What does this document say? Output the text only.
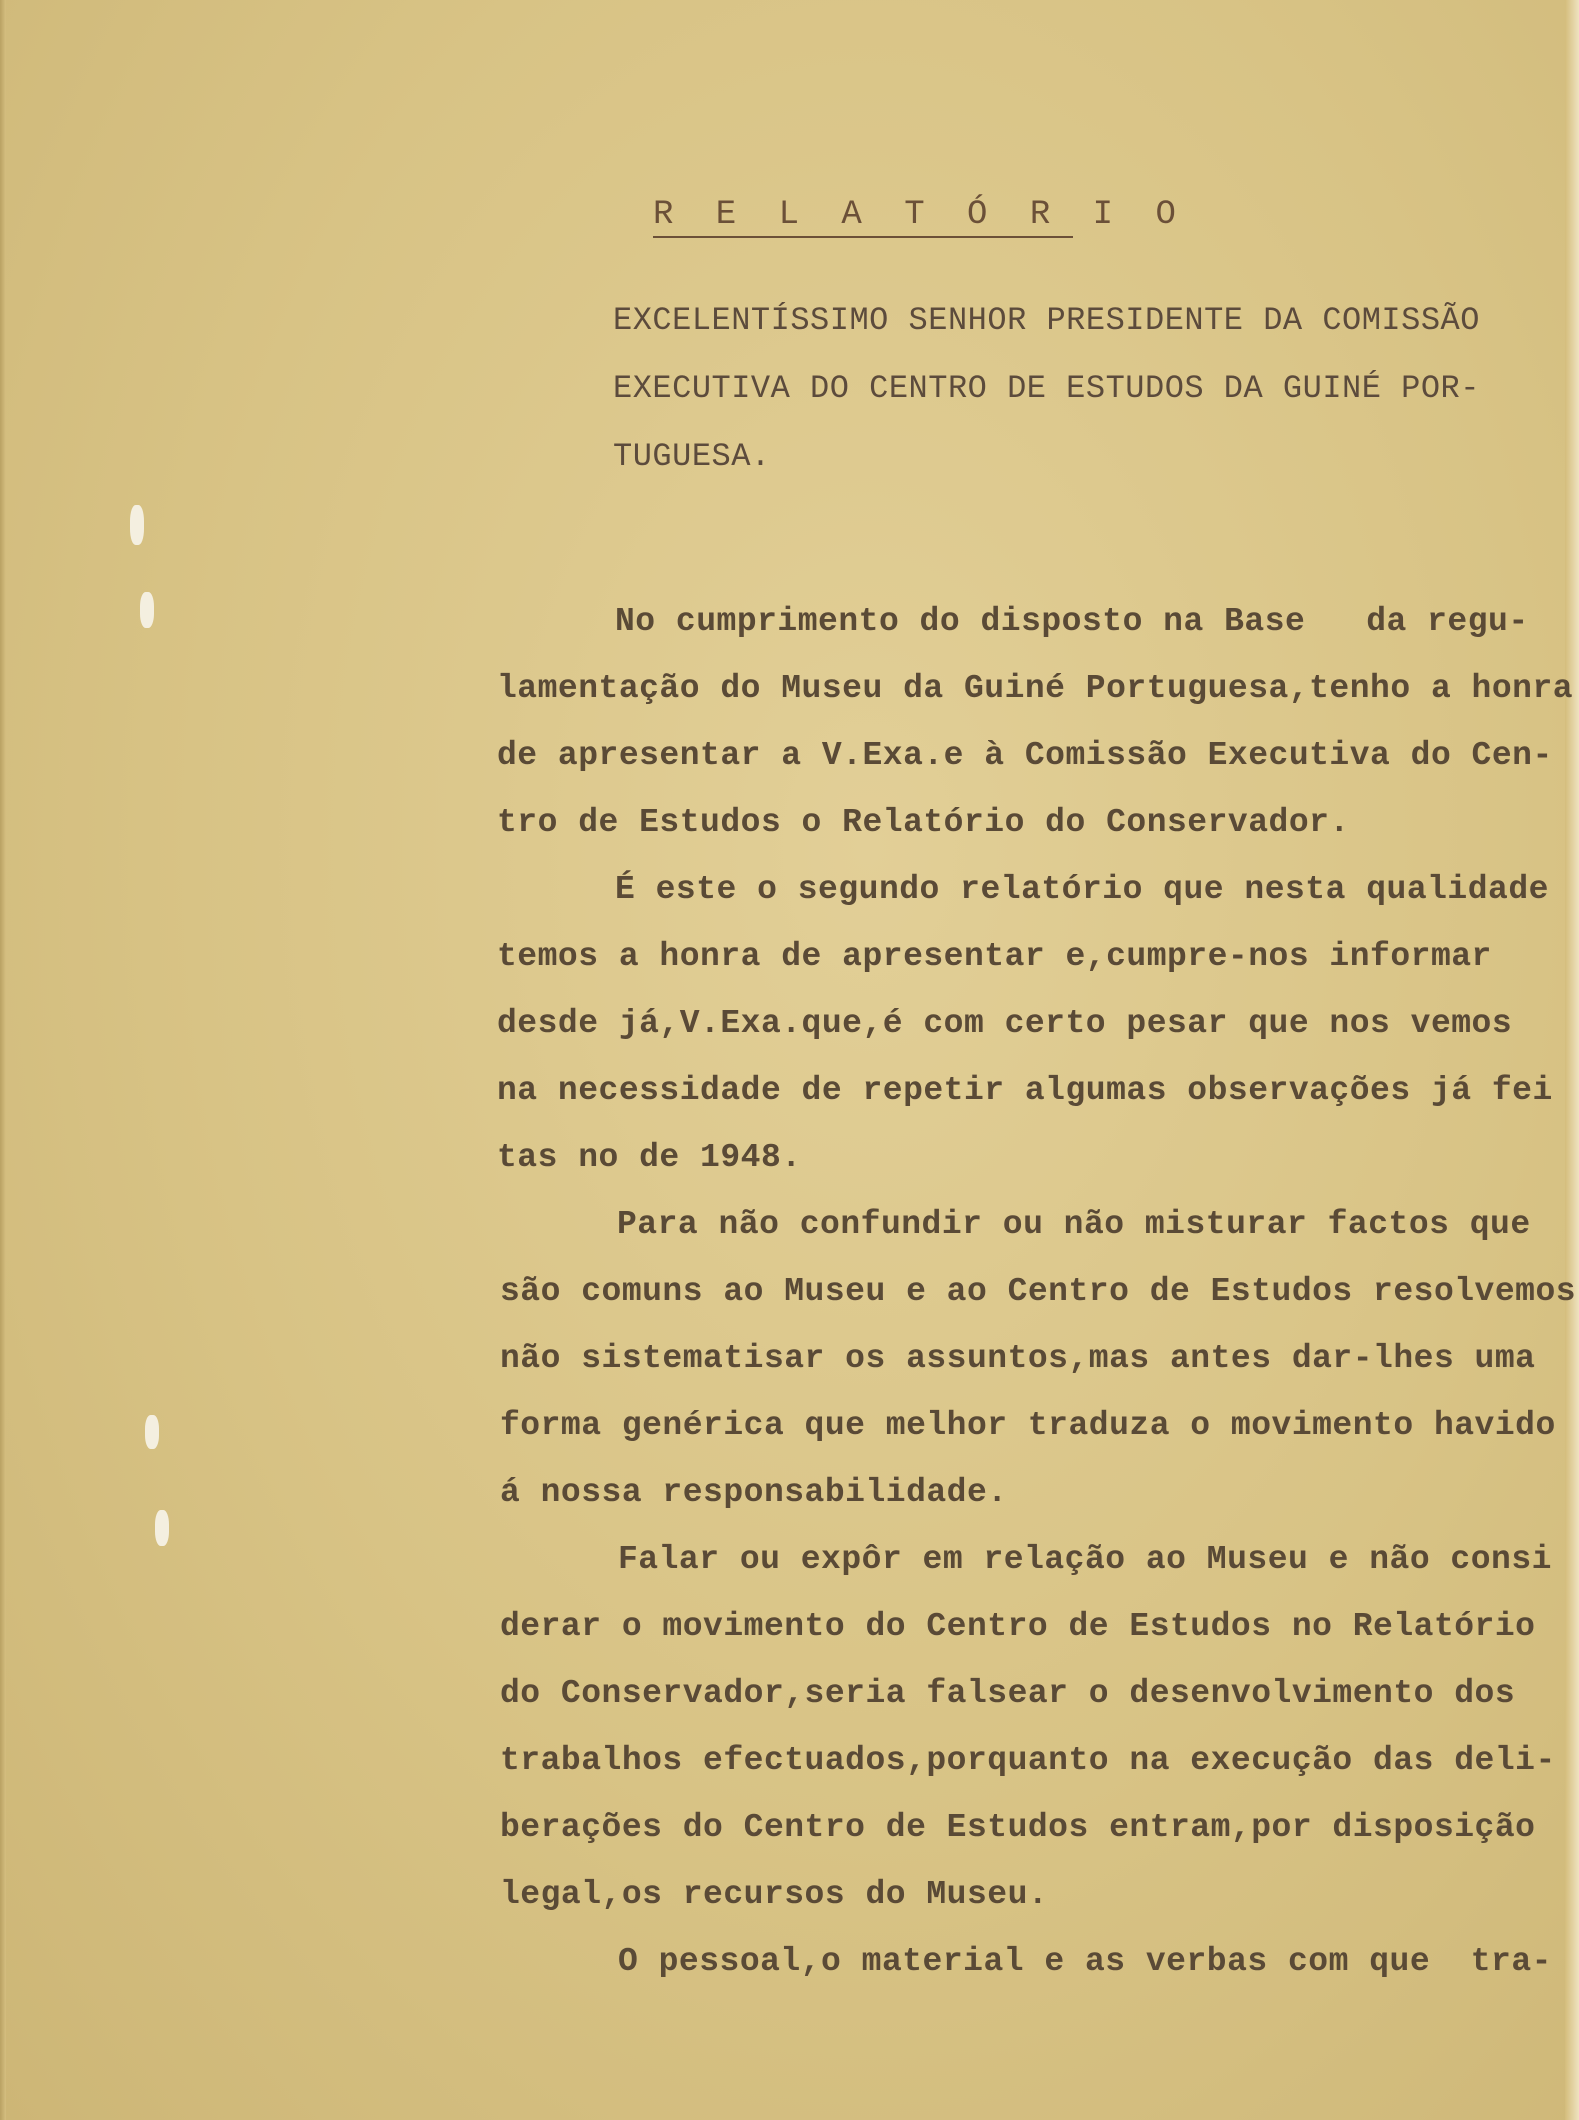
R E L A T Ó R I O
EXCELENTÍSSIMO SENHOR PRESIDENTE DA COMISSÃO
EXECUTIVA DO CENTRO DE ESTUDOS DA GUINÉ POR-
TUGUESA.
No cumprimento do disposto na Base   da regu-
lamentação do Museu da Guiné Portuguesa,tenho a honra
de apresentar a V.Exa.e à Comissão Executiva do Cen-
tro de Estudos o Relatório do Conservador.
É este o segundo relatório que nesta qualidade
temos a honra de apresentar e,cumpre-nos informar
desde já,V.Exa.que,é com certo pesar que nos vemos
na necessidade de repetir algumas observações já fei
tas no de 1948.
Para não confundir ou não misturar factos que
são comuns ao Museu e ao Centro de Estudos resolvemos
não sistematisar os assuntos,mas antes dar-lhes uma
forma genérica que melhor traduza o movimento havido
á nossa responsabilidade.
Falar ou expôr em relação ao Museu e não consi
derar o movimento do Centro de Estudos no Relatório
do Conservador,seria falsear o desenvolvimento dos
trabalhos efectuados,porquanto na execução das deli-
berações do Centro de Estudos entram,por disposição
legal,os recursos do Museu.
O pessoal,o material e as verbas com que  tra-
